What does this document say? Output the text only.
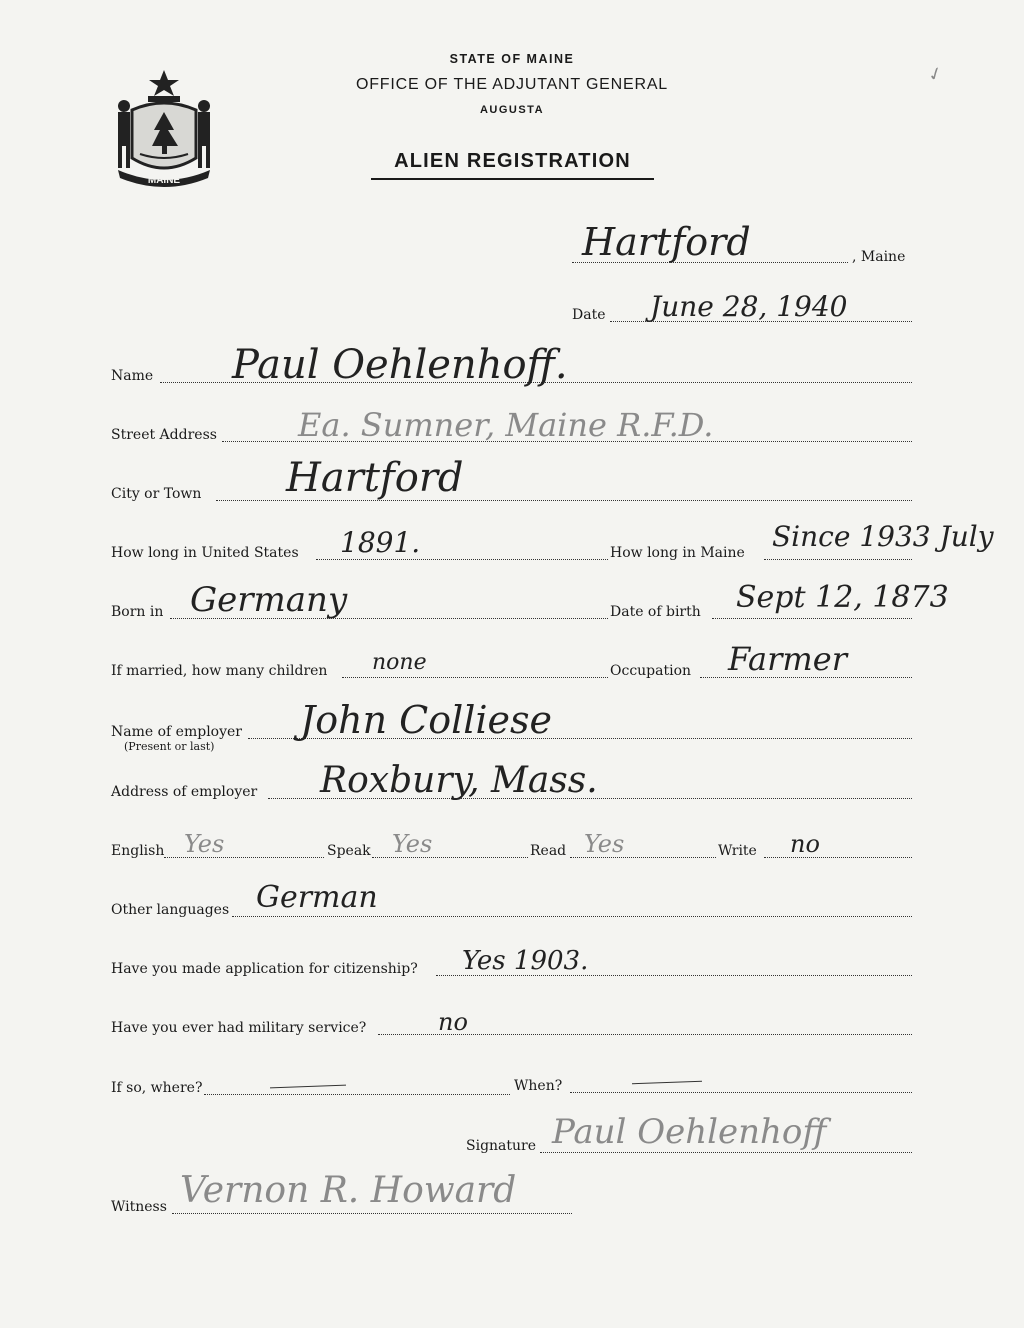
✓
MAINE
STATE OF MAINE
OFFICE OF THE ADJUTANT GENERAL
AUGUSTA
ALIEN REGISTRATION
Hartford	, Maine
Date June 28, 1940
Name Paul Oehlenhoff.
Street Address	Ea. Sumner, Maine R.F.D.
City or Town Hartford
How long in United States 1891.	How long in Maine Since 1933 July
Born in Germany	Date of birth Sept 12, 1873
If married, how many children none	Occupation Farmer
Name of employer
(Present or last)
John Colliese
Address of employer Roxbury, Mass.
English Yes	Speak Yes	Read Yes	Write no
Other languages German
Have you made application for citizenship? Yes 1903.
Have you ever had military service?	no
If so, where?	When?
Signature Paul Oehlenhoff
Witness Vernon R. Howard
